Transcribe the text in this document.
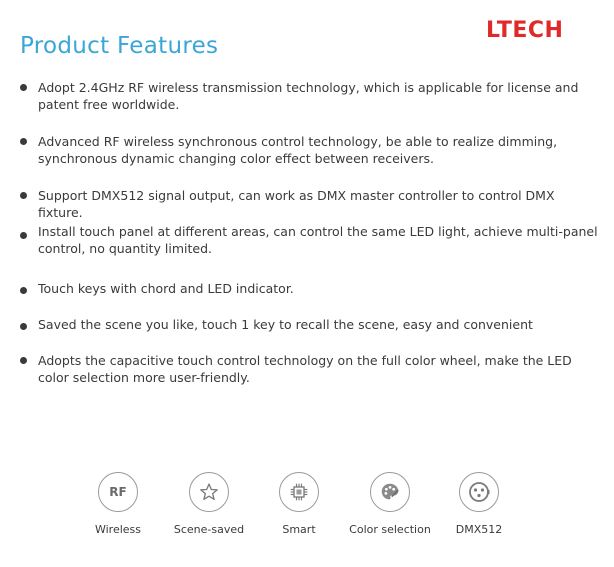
Product Features
LTECH
Adopt 2.4GHz RF wireless transmission technology, which is applicable for license and patent free worldwide.
Advanced RF wireless synchronous control technology, be able to realize dimming, synchronous dynamic changing color effect between receivers.
Support DMX512 signal output, can work as DMX master controller to control DMX fixture.
Install touch panel at different areas, can control the same LED light, achieve multi-panel control, no quantity limited.
Touch keys with chord and LED indicator.
Saved the scene you like, touch 1 key to recall the scene, easy and convenient
Adopts the capacitive touch control technology on the full color wheel, make the LED color selection more user-friendly.
RF
Wireless	Scene-saved	Smart	Color selection	DMX512
